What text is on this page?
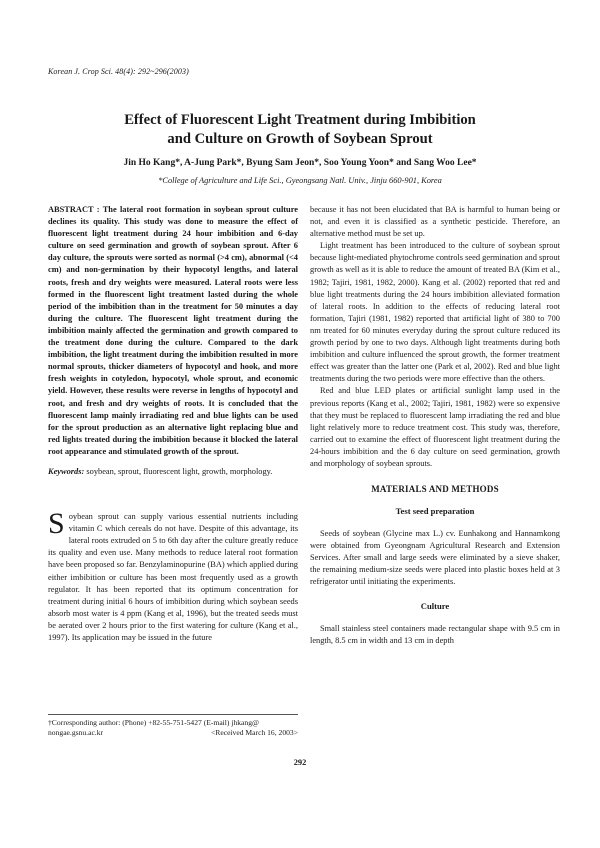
Korean J. Crop Sci. 48(4): 292~296(2003)
Effect of Fluorescent Light Treatment during Imbibition
and Culture on Growth of Soybean Sprout
Jin Ho Kang*, A-Jung Park*, Byung Sam Jeon*, Soo Young Yoon* and Sang Woo Lee*
*College of Agriculture and Life Sci., Gyeongsang Natl. Univ., Jinju 660-901, Korea

ABSTRACT : The lateral root formation in soybean sprout culture declines its quality. This study was done to measure the effect of fluorescent light treatment during 24 hour imbibition and 6-day culture on seed germination and growth of soybean sprout. After 6 day culture, the sprouts were sorted as normal (>4 cm), abnormal (<4 cm) and non-germination by their hypocotyl lengths, and lateral roots, fresh and dry weights were measured. Lateral roots were less formed in the fluorescent light treatment lasted during the whole period of the imbibition than in the treatment for 50 minutes a day during the culture. The fluorescent light treatment during the imbibition mainly affected the germination and growth compared to the treatment done during the culture. Compared to the dark imbibition, the light treatment during the imbibition resulted in more normal sprouts, thicker diameters of hypocotyl and hook, and more fresh weights in cotyledon, hypocotyl, whole sprout, and economic yield. However, these results were reverse in lengths of hypocotyl and root, and fresh and dry weights of roots. It is concluded that the fluorescent lamp mainly irradiating red and blue lights can be used for the sprout production as an alternative light replacing blue and red lights treated during the imbibition because it blocked the lateral root appearance and stimulated growth of the sprout.

Keywords: soybean, sprout, fluorescent light, growth, morphology.

Soybean sprout can supply various essential nutrients including vitamin C which cereals do not have. Despite of this advantage, its lateral roots extruded on 5 to 6th day after the culture greatly reduce its quality and even use. Many methods to reduce lateral root formation have been proposed so far. Benzylaminopurine (BA) which applied during either imbibition or culture has been most frequently used as a growth regulator. It has been reported that its optimum concentration for treatment during initial 6 hours of imbibition during which soybean seeds absorb most water is 4 ppm (Kang et al, 1996), but the treated seeds must be aerated over 2 hours prior to the first watering for culture (Kang et al., 1997). Its application may be issued in the future

†Corresponding author: (Phone) +82-55-751-5427 (E-mail) jhkang@
nongae.gsnu.ac.kr	<Received March 16, 2003>

because it has not been elucidated that BA is harmful to human being or not, and even it is classified as a synthetic pesticide. Therefore, an alternative method must be set up.

Light treatment has been introduced to the culture of soybean sprout because light-mediated phytochrome controls seed germination and sprout growth as well as it is able to reduce the amount of treated BA (Kim et al., 1982; Tajiri, 1981, 1982, 2000). Kang et al. (2002) reported that red and blue light treatments during the 24 hours imbibition alleviated formation of lateral roots. In addition to the effects of reducing lateral root formation, Tajiri (1981, 1982) reported that artificial light of 380 to 700 nm treated for 60 minutes everyday during the sprout culture reduced its growth period by one to two days. Although light treatments during both imbibition and culture influenced the sprout growth, the former treatment effect was greater than the latter one (Park et al, 2002). Red and blue light treatments during the two periods were more effective than the others.

Red and blue LED plates or artificial sunlight lamp used in the previous reports (Kang et al., 2002; Tajiri, 1981, 1982) were so expensive that they must be replaced to fluorescent lamp irradiating the red and blue light relatively more to reduce treatment cost. This study was, therefore, carried out to examine the effect of fluorescent light treatment during the 24-hours imbibition and the 6 day culture on seed germination, growth and morphology of soybean sprouts.

MATERIALS AND METHODS
Test seed preparation

Seeds of soybean (Glycine max L.) cv. Eunhakong and Hannamkong were obtained from Gyeongnam Agricultural Research and Extension Services. After small and large seeds were eliminated by a sieve shaker, the remaining medium-size seeds were placed into plastic boxes held at 3 refrigerator until initiating the experiments.

Culture

Small stainless steel containers made rectangular shape with 9.5 cm in length, 8.5 cm in width and 13 cm in depth

292
